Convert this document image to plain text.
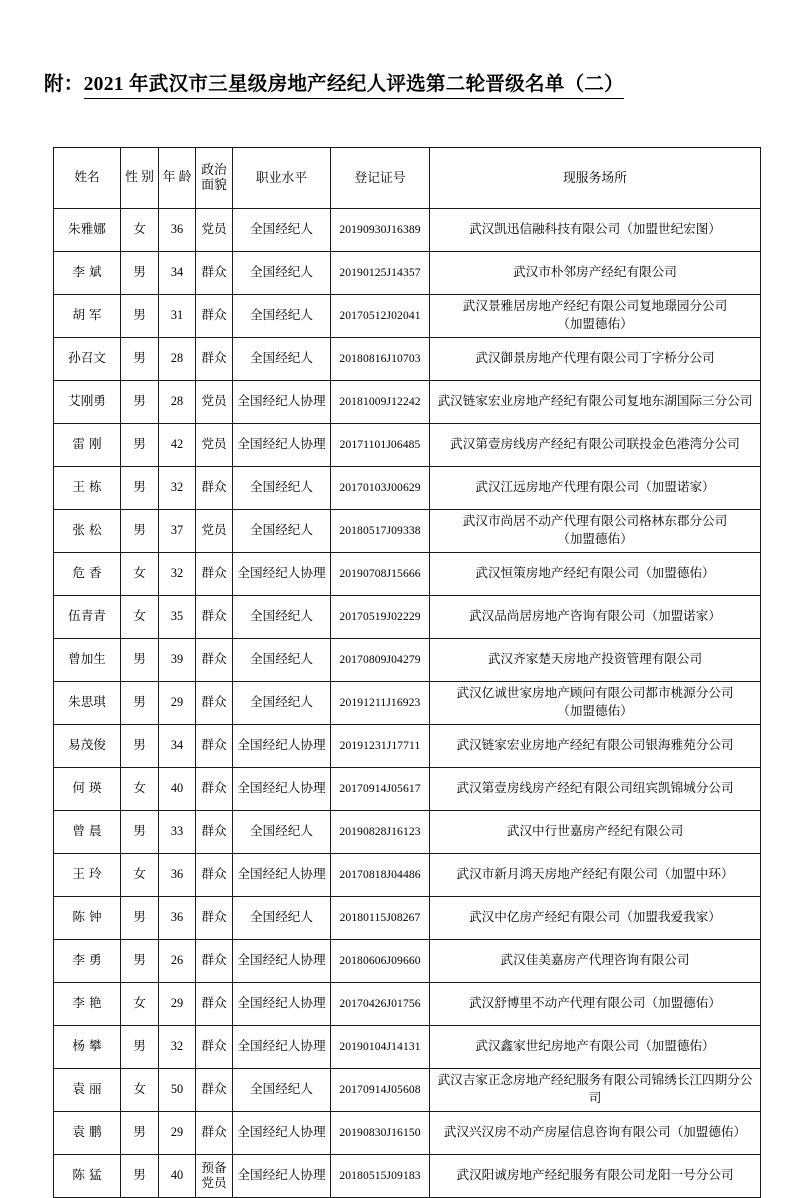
附：2021 年武汉市三星级房地产经纪人评选第二轮晋级名单（二）
姓名	性 别	年 龄	政治 面貌	职业水平	登记证号	现服务场所
朱雅娜	女	36	党员	全国经纪人	20190930J16389	武汉凯迅信融科技有限公司（加盟世纪宏图）

李斌	男	34	群众	全国经纪人	20190125J14357	武汉市朴邻房产经纪有限公司

胡军	男	31	群众	全国经纪人	20170512J02041	武汉景雅居房地产经纪有限公司复地璟园分公司
（加盟德佑）

孙召文	男	28	群众	全国经纪人	20180816J10703	武汉御景房地产代理有限公司丁字桥分公司

艾刚勇	男	28	党员	全国经纪人协理	20181009J12242	武汉链家宏业房地产经纪有限公司复地东湖国际三分公司

雷刚	男	42	党员	全国经纪人协理	20171101J06485	武汉第壹房线房产经纪有限公司联投金色港湾分公司

王栋	男	32	群众	全国经纪人	20170103J00629	武汉江远房地产代理有限公司（加盟诺家）

张松	男	37	党员	全国经纪人	20180517J09338	武汉市尚居不动产代理有限公司格林东郡分公司
（加盟德佑）

危香	女	32	群众	全国经纪人协理	20190708J15666	武汉恒策房地产经纪有限公司（加盟德佑）

伍青青	女	35	群众	全国经纪人	20170519J02229	武汉品尚居房地产咨询有限公司（加盟诺家）

曾加生	男	39	群众	全国经纪人	20170809J04279	武汉齐家楚天房地产投资管理有限公司

朱思琪	男	29	群众	全国经纪人	20191211J16923	武汉亿诚世家房地产顾问有限公司都市桃源分公司
（加盟德佑）

易茂俊	男	34	群众	全国经纪人协理	20191231J17711	武汉链家宏业房地产经纪有限公司银海雅苑分公司

何瑛	女	40	群众	全国经纪人协理	20170914J05617	武汉第壹房线房产经纪有限公司纽宾凯锦城分公司

曾晨	男	33	群众	全国经纪人	20190828J16123	武汉中行世嘉房产经纪有限公司

王玲	女	36	群众	全国经纪人协理	20170818J04486	武汉市新月鸿天房地产经纪有限公司（加盟中环）

陈钟	男	36	群众	全国经纪人	20180115J08267	武汉中亿房产经纪有限公司（加盟我爱我家）

李勇	男	26	群众	全国经纪人协理	20180606J09660	武汉佳美嘉房产代理咨询有限公司

李艳	女	29	群众	全国经纪人协理	20170426J01756	武汉舒博里不动产代理有限公司（加盟德佑）

杨攀	男	32	群众	全国经纪人协理	20190104J14131	武汉鑫家世纪房地产有限公司（加盟德佑）

袁丽	女	50	群众	全国经纪人	20170914J05608	武汉吉家正念房地产经纪服务有限公司锦绣长江四期分公司

袁鹏	男	29	群众	全国经纪人协理	20190830J16150	武汉兴汉房不动产房屋信息咨询有限公司（加盟德佑）

陈猛	男	40	预备
党员	全国经纪人协理	20180515J09183	武汉阳诚房地产经纪服务有限公司龙阳一号分公司
